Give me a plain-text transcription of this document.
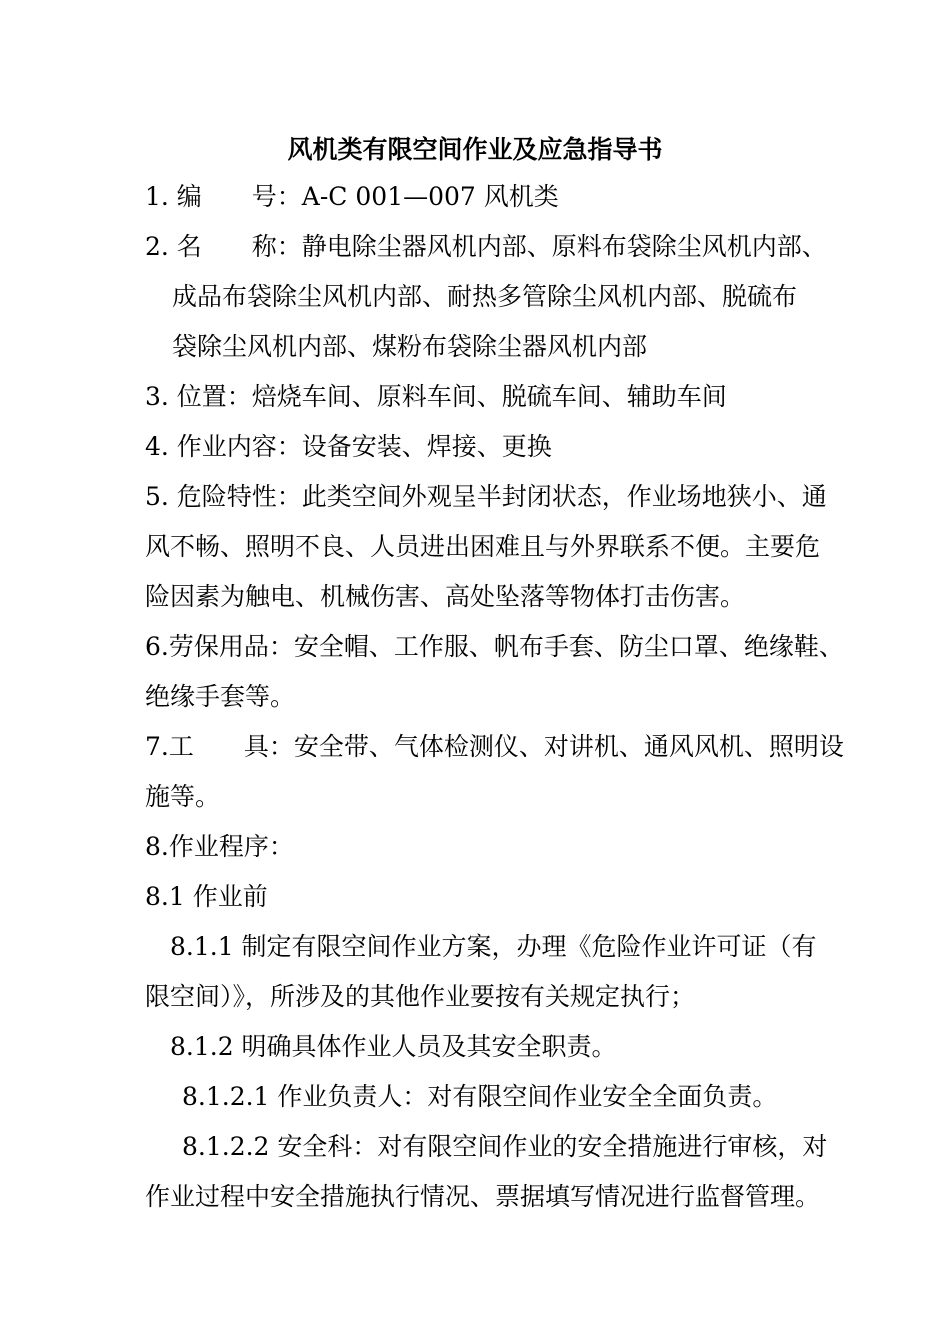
风机类有限空间作业及应急指导书
1. 编　　号：A-C 001—007 风机类
2. 名　　称：静电除尘器风机内部、原料布袋除尘风机内部、
成品布袋除尘风机内部、耐热多管除尘风机内部、脱硫布
袋除尘风机内部、煤粉布袋除尘器风机内部
3. 位置：焙烧车间、原料车间、脱硫车间、辅助车间
4. 作业内容：设备安装、焊接、更换
5. 危险特性：此类空间外观呈半封闭状态，作业场地狭小、通
风不畅、照明不良、人员进出困难且与外界联系不便。主要危
险因素为触电、机械伤害、高处坠落等物体打击伤害。
6.劳保用品：安全帽、工作服、帆布手套、防尘口罩、绝缘鞋、
绝缘手套等。
7.工　　具：安全带、气体检测仪、对讲机、通风风机、照明设
施等。
8.作业程序：
8.1 作业前
8.1.1 制定有限空间作业方案，办理《危险作业许可证（有
限空间）》，所涉及的其他作业要按有关规定执行；
8.1.2 明确具体作业人员及其安全职责。
8.1.2.1 作业负责人：对有限空间作业安全全面负责。
8.1.2.2 安全科：对有限空间作业的安全措施进行审核，对
作业过程中安全措施执行情况、票据填写情况进行监督管理。
